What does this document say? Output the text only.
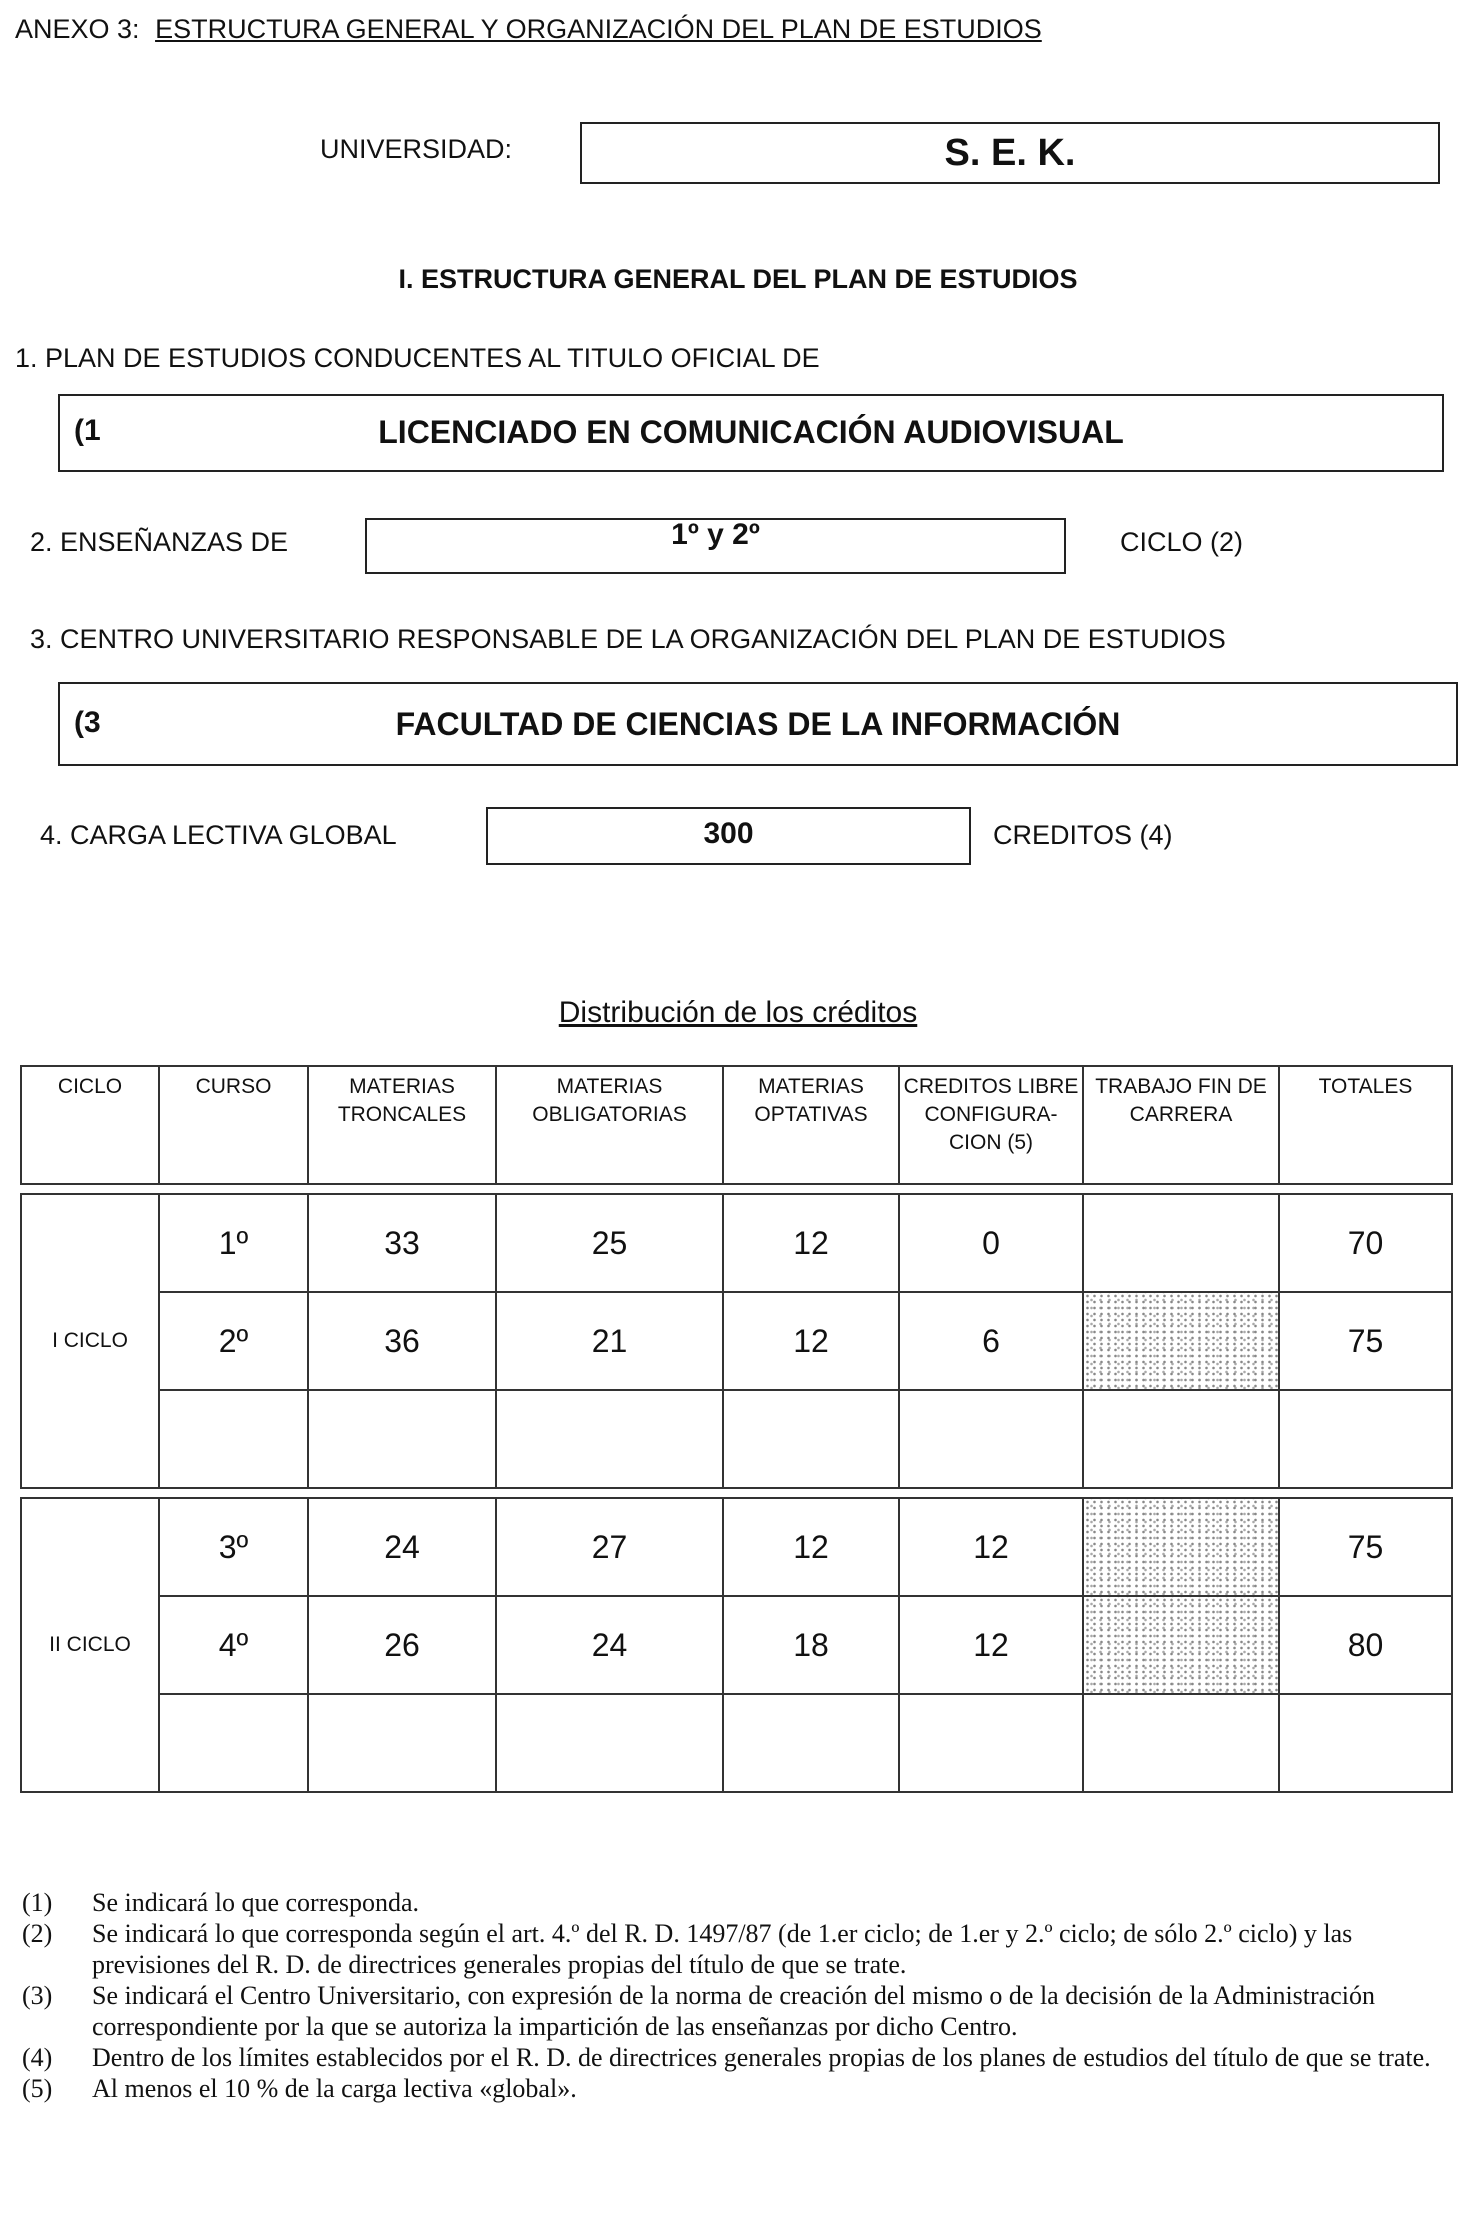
ANEXO 3: ESTRUCTURA GENERAL Y ORGANIZACIÓN DEL PLAN DE ESTUDIOS
UNIVERSIDAD:	S. E. K.
I. ESTRUCTURA GENERAL DEL PLAN DE ESTUDIOS
1. PLAN DE ESTUDIOS CONDUCENTES AL TITULO OFICIAL DE
(1	LICENCIADO EN COMUNICACIÓN AUDIOVISUAL
2. ENSEÑANZAS DE	1º y 2º	CICLO (2)
3. CENTRO UNIVERSITARIO RESPONSABLE DE LA ORGANIZACIÓN DEL PLAN DE ESTUDIOS
(3	FACULTAD DE CIENCIAS DE LA INFORMACIÓN
4. CARGA LECTIVA GLOBAL	300	CREDITOS (4)
Distribución de los créditos
CICLO	CURSO	MATERIAS TRONCALES	MATERIAS OBLIGATORIAS	MATERIAS OPTATIVAS	CREDITOS LIBRE CONFIGURA- CION (5)	TRABAJO FIN DE CARRERA	TOTALES

I CICLO	1º	33	25	12	0		70
	2º	36	21	12	6		75

II CICLO	3º	24	27	12	12		75
	4º	26	24	18	12		80

(1)	Se indicará lo que corresponda.
(2)	Se indicará lo que corresponda según el art. 4.º del R. D. 1497/87 (de 1.er ciclo; de 1.er y 2.º ciclo; de sólo 2.º ciclo) y las previsiones del R. D. de directrices generales propias del título de que se trate.
(3)	Se indicará el Centro Universitario, con expresión de la norma de creación del mismo o de la decisión de la Administración correspondiente por la que se autoriza la impartición de las enseñanzas por dicho Centro.
(4)	Dentro de los límites establecidos por el R. D. de directrices generales propias de los planes de estudios del título de que se trate.
(5)	Al menos el 10 % de la carga lectiva «global».
